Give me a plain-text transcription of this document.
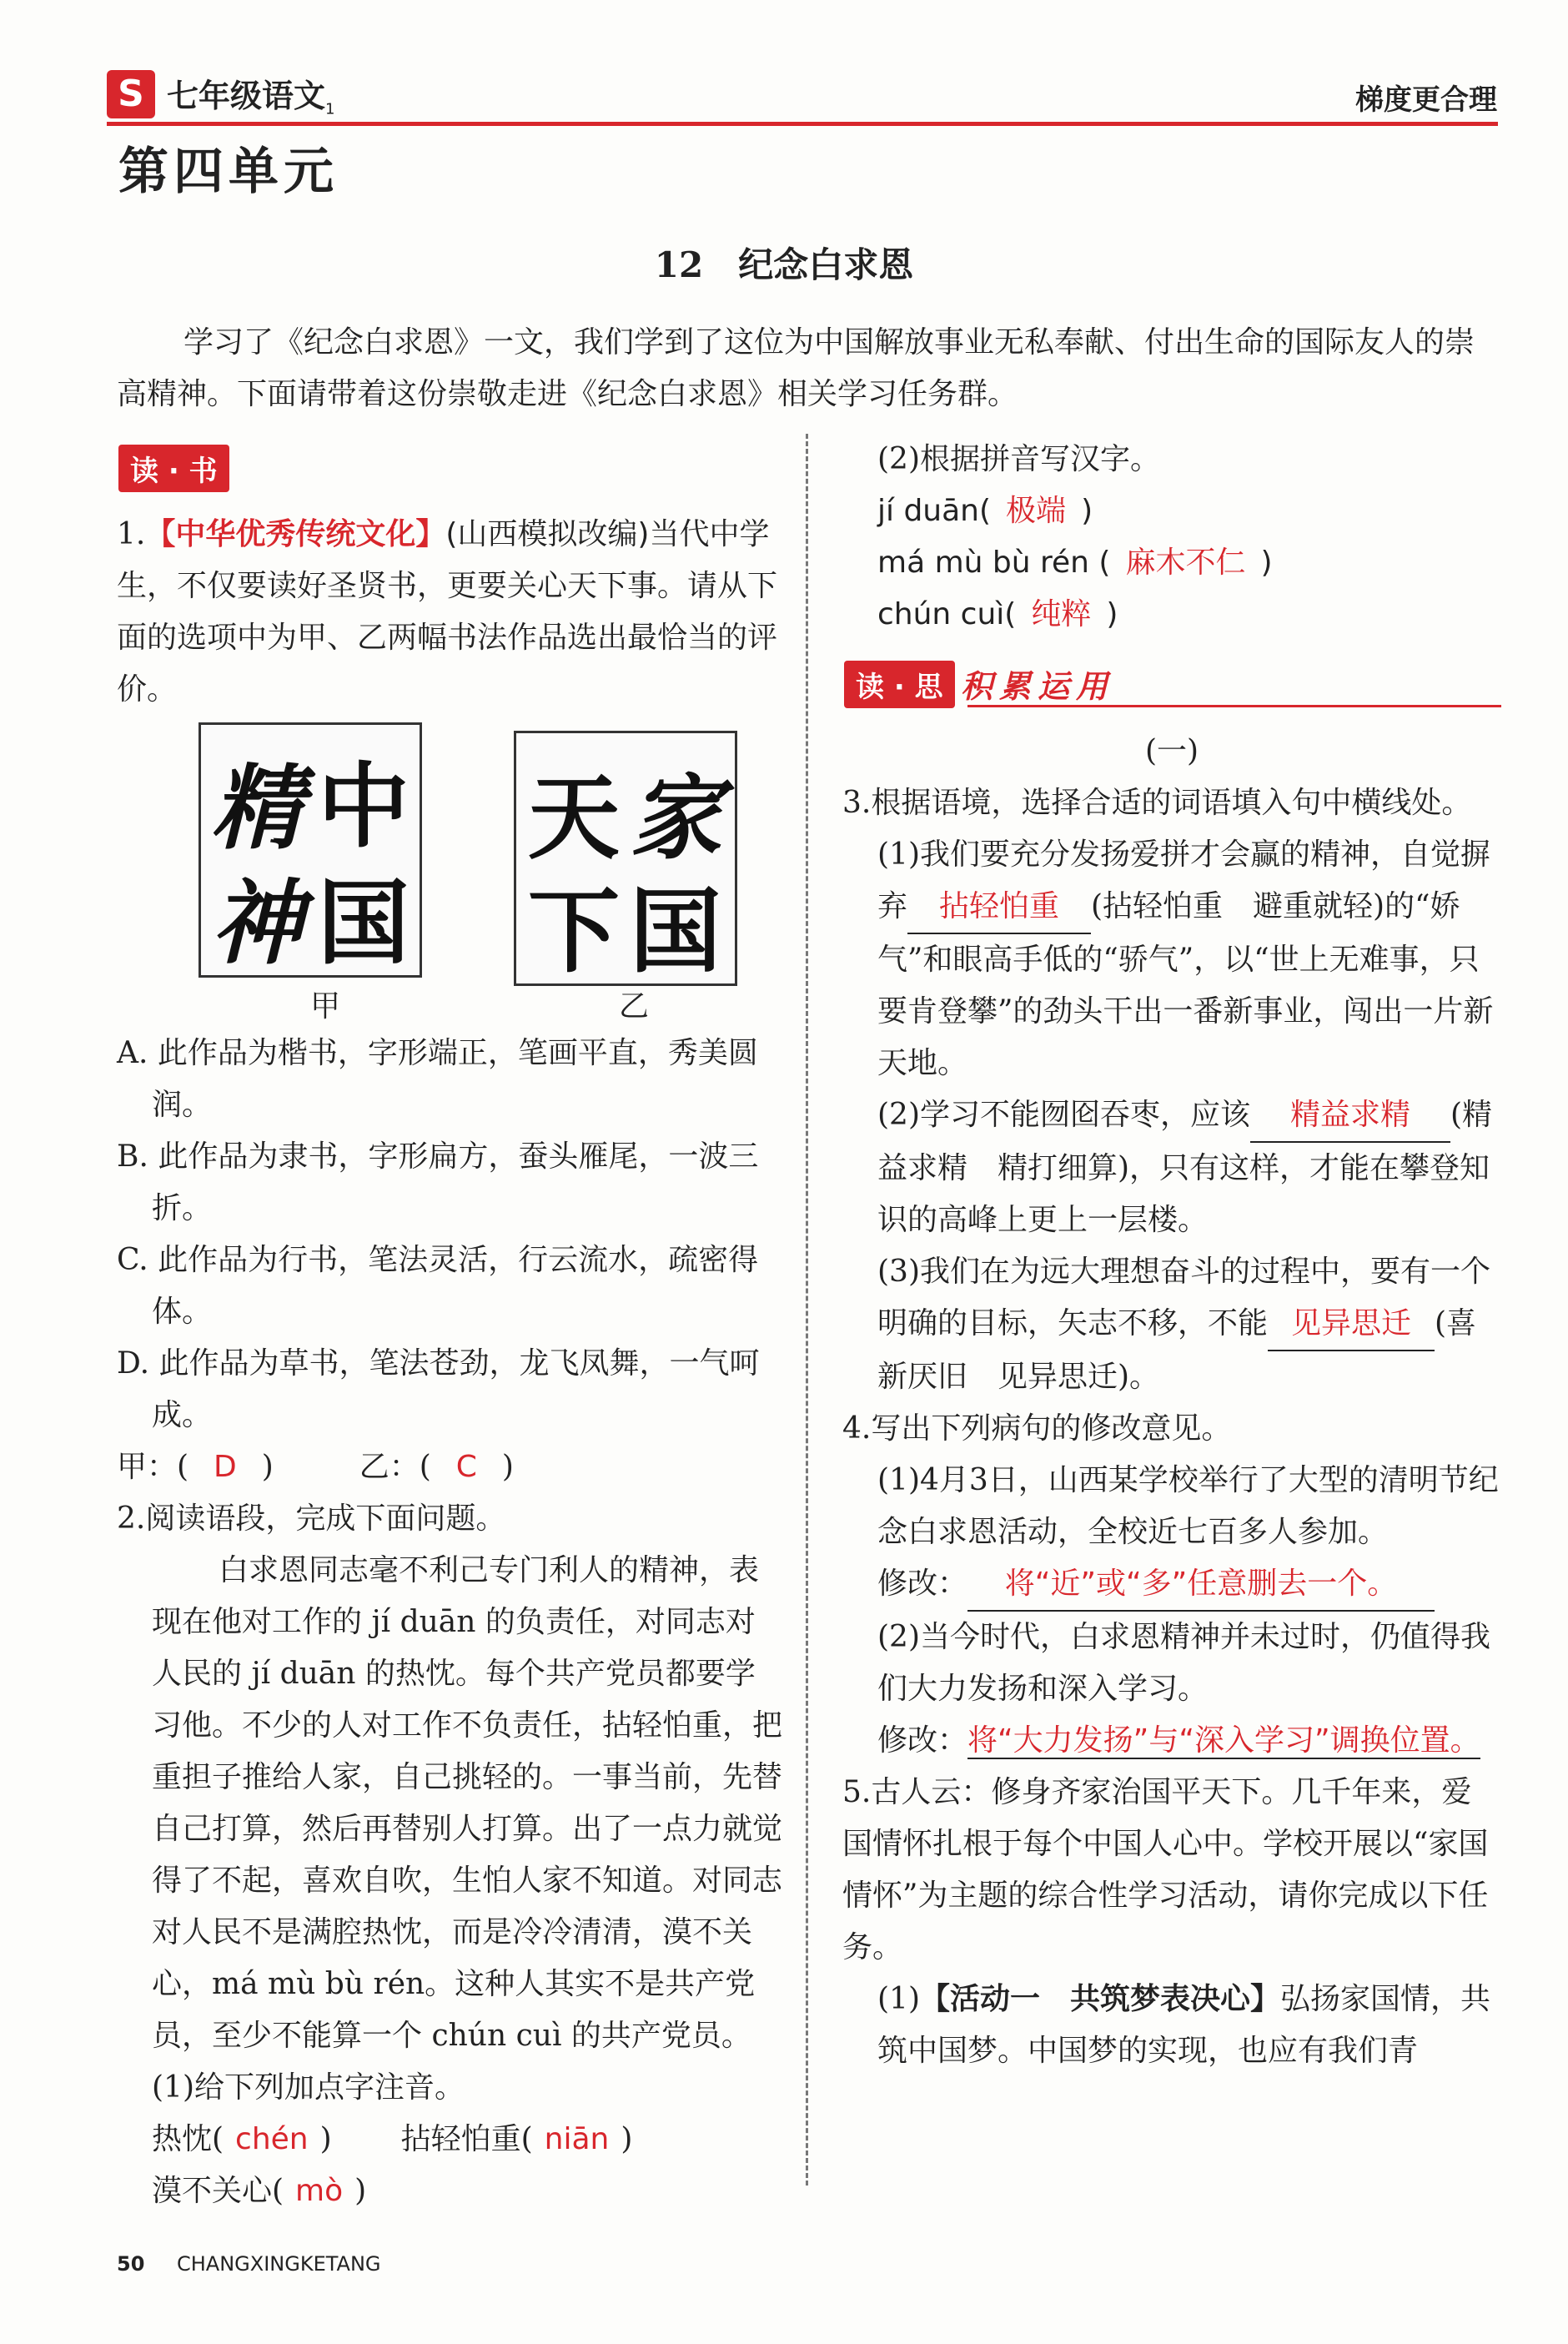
S 七年级语文$_1$	梯度更合理
第四单元
12　纪念白求恩
学习了《纪念白求恩》一文，我们学到了这位为中国解放事业无私奉献、付出生命的国际友人的崇高精神。下面请带着这份崇敬走进《纪念白求恩》相关学习任务群。
读 · 书
读 · 思 积累运用
1.【中华优秀传统文化】(山西模拟改编)当代中学生，不仅要读好圣贤书，更要关心天下事。请从下面的选项中为甲、乙两幅书法作品选出最恰当的评价。
中
精
神 国
天 家
下 国
甲	乙
A. 此作品为楷书，字形端正，笔画平直，秀美圆润。
B. 此作品为隶书，字形扁方，蚕头雁尾，一波三折。
C. 此作品为行书，笔法灵活，行云流水，疏密得体。
D. 此作品为草书，笔法苍劲，龙飞凤舞，一气呵成。
甲：( D )	乙：( C )
2.阅读语段，完成下面问题。
白求恩同志毫不利己专门利人的精神，表现在他对工作的 jí duān 的负责任，对同志对人民的 jí duān 的热忱。每个共产党员都要学习他。不少的人对工作不负责任，拈轻怕重，把重担子推给人家，自己挑轻的。一事当前，先替自己打算，然后再替别人打算。出了一点力就觉得了不起，喜欢自吹，生怕人家不知道。对同志对人民不是满腔热忱，而是冷冷清清，漠不关心，má mù bù rén。这种人其实不是共产党员，至少不能算一个 chún cuì 的共产党员。
(1)给下列加点字注音。
热忱( chén ) 拈轻怕重( niān )
漠不关心( mò )
(2)根据拼音写汉字。
jí duān( 极端 )
má mù bù rén ( 麻木不仁 )
chún cuì( 纯粹 )
(一)
3.根据语境，选择合适的词语填入句中横线处。
(1)我们要充分发扬爱拼才会赢的精神，自觉摒弃 拈轻怕重 (拈轻怕重　避重就轻)的“娇气”和眼高手低的“骄气”，以“世上无难事，只要肯登攀”的劲头干出一番新事业，闯出一片新天地。
(2)学习不能囫囵吞枣，应该 精益求精 (精益求精　精打细算)，只有这样，才能在攀登知识的高峰上更上一层楼。
(3)我们在为远大理想奋斗的过程中，要有一个明确的目标，矢志不移，不能 见异思迁 (喜新厌旧　见异思迁)。
4.写出下列病句的修改意见。
(1)4月3日，山西某学校举行了大型的清明节纪念白求恩活动，全校近七百多人参加。
修改： 将“近”或“多”任意删去一个。
(2)当今时代，白求恩精神并未过时，仍值得我们大力发扬和深入学习。
修改：将“大力发扬”与“深入学习”调换位置。
5.古人云：修身齐家治国平天下。几千年来，爱国情怀扎根于每个中国人心中。学校开展以“家国情怀”为主题的综合性学习活动，请你完成以下任务。
(1)【活动一　共筑梦表决心】弘扬家国情，共筑中国梦。中国梦的实现，也应有我们青
50 CHANGXINGKETANG
